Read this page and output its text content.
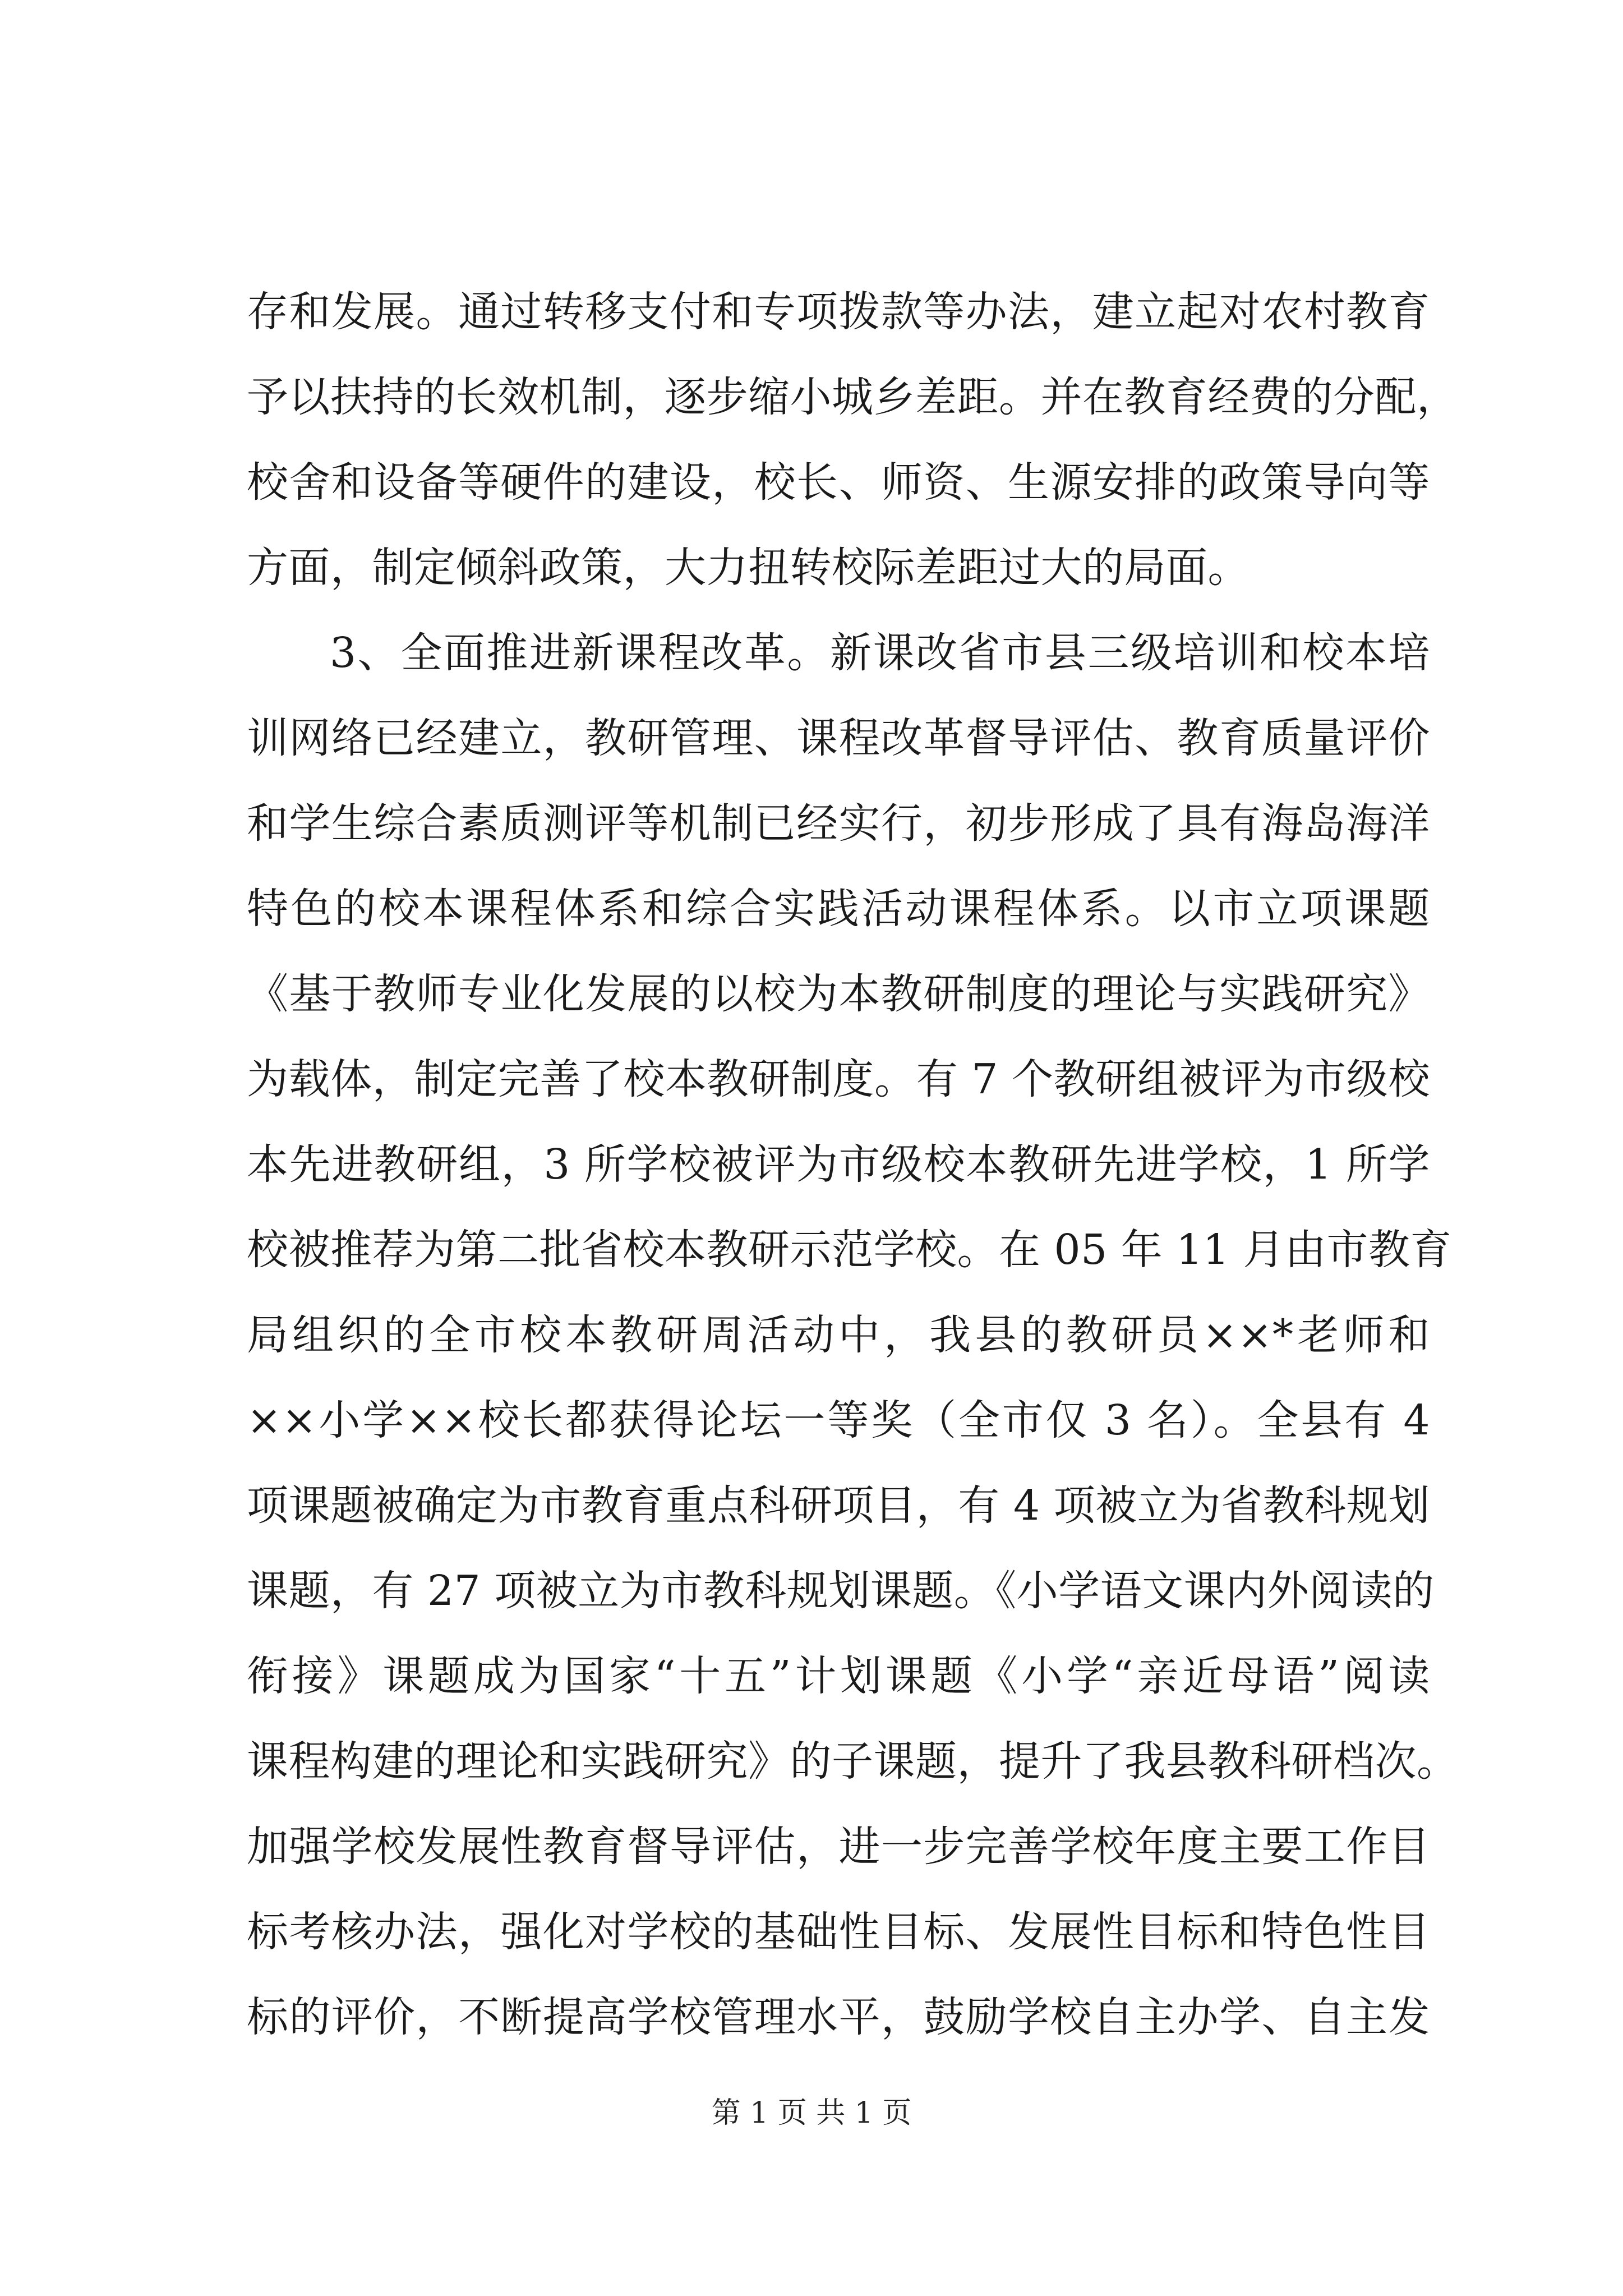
存和发展。通过转移支付和专项拨款等办法，建立起对农村教育
予以扶持的长效机制，逐步缩小城乡差距。并在教育经费的分配，
校舍和设备等硬件的建设，校长、师资、生源安排的政策导向等
方面，制定倾斜政策，大力扭转校际差距过大的局面。
3、全面推进新课程改革。新课改省市县三级培训和校本培
训网络已经建立，教研管理、课程改革督导评估、教育质量评价
和学生综合素质测评等机制已经实行，初步形成了具有海岛海洋
特色的校本课程体系和综合实践活动课程体系。以市立项课题
《基于教师专业化发展的以校为本教研制度的理论与实践研究》
为载体，制定完善了校本教研制度。有 7 个教研组被评为市级校
本先进教研组，3 所学校被评为市级校本教研先进学校，1 所学
校被推荐为第二批省校本教研示范学校。在 05 年 11 月由市教育
局组织的全市校本教研周活动中，我县的教研员××*老师和
××小学××校长都获得论坛一等奖（全市仅 3 名）。全县有 4
项课题被确定为市教育重点科研项目，有 4 项被立为省教科规划
课题，有 27 项被立为市教科规划课题。《小学语文课内外阅读的
衔接》课题成为国家“十五”计划课题《小学“亲近母语”阅读
课程构建的理论和实践研究》的子课题，提升了我县教科研档次。
加强学校发展性教育督导评估，进一步完善学校年度主要工作目
标考核办法，强化对学校的基础性目标、发展性目标和特色性目
标的评价，不断提高学校管理水平，鼓励学校自主办学、自主发
第 1 页 共 1 页
